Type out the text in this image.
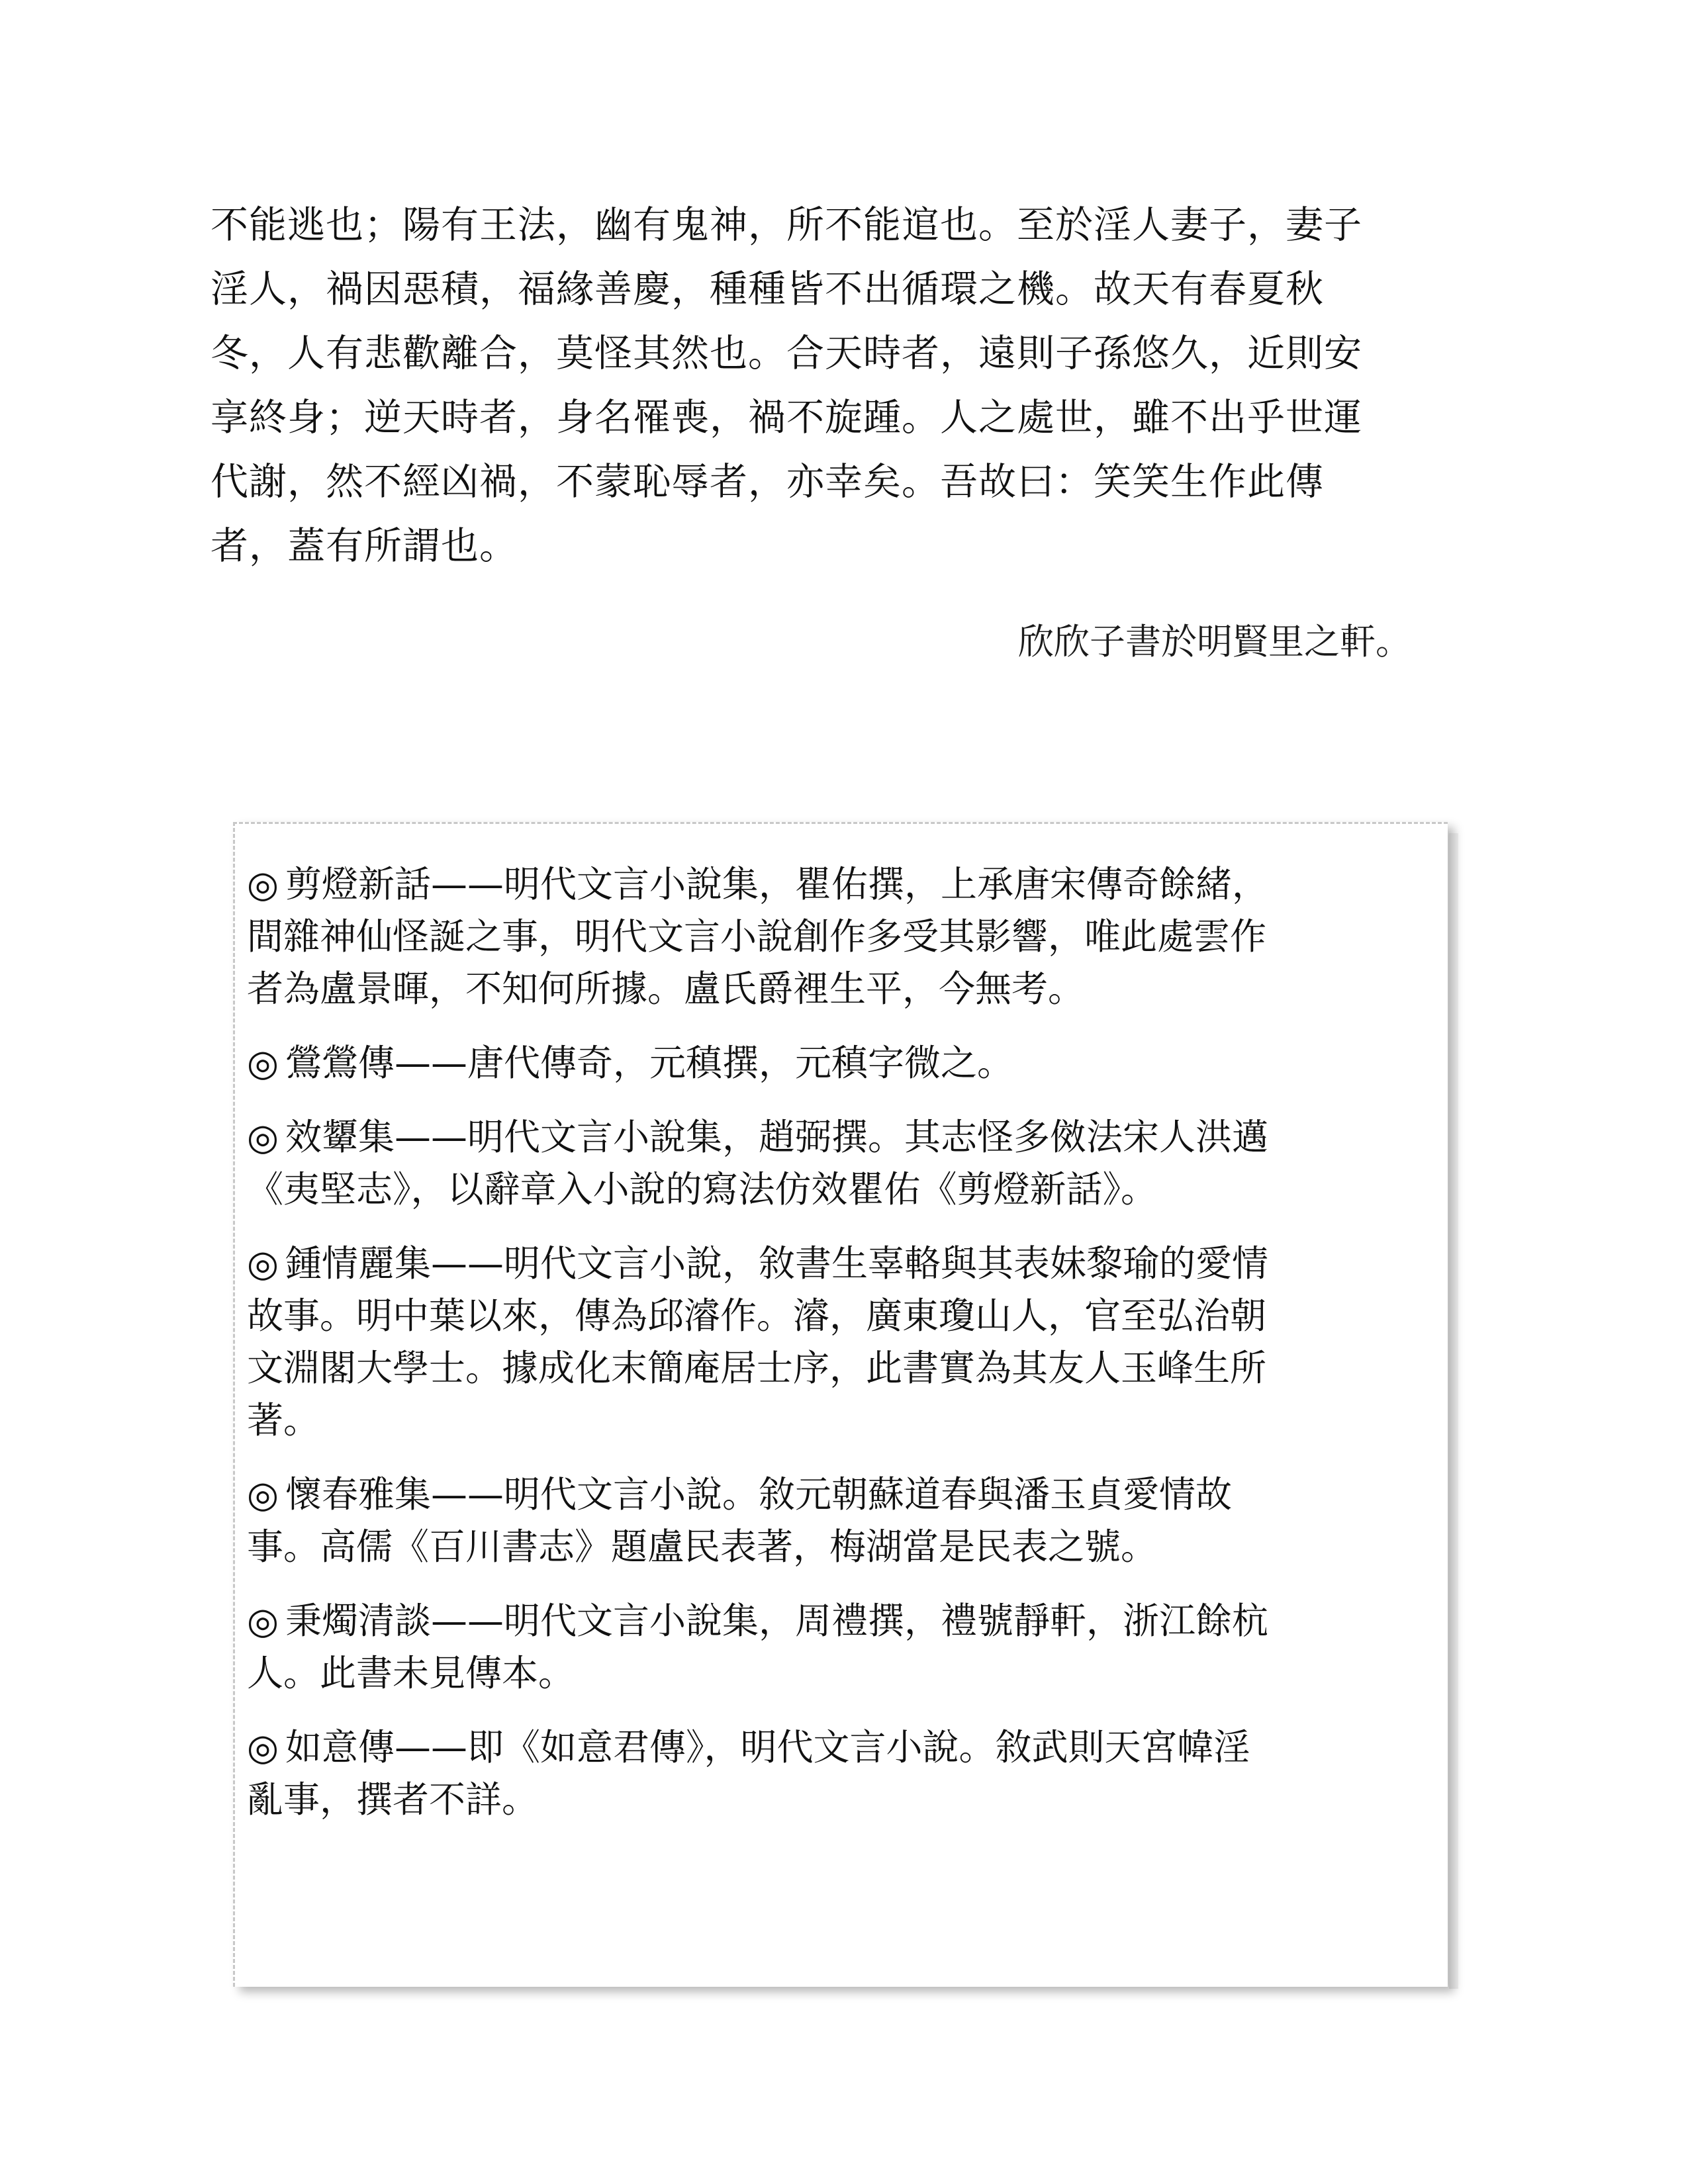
不能逃也；陽有王法，幽有鬼神，所不能逭也。至於淫人妻子，妻子
淫人，禍因惡積，福緣善慶，種種皆不出循環之機。故天有春夏秋
冬，人有悲歡離合，莫怪其然也。合天時者，遠則子孫悠久，近則安
享終身；逆天時者，身名罹喪，禍不旋踵。人之處世，雖不出乎世運
代謝，然不經凶禍，不蒙恥辱者，亦幸矣。吾故曰：笑笑生作此傳
者，蓋有所謂也。

欣欣子書於明賢里之軒。

◎ 剪燈新話——明代文言小說集，瞿佑撰，上承唐宋傳奇餘緒，
間雜神仙怪誕之事，明代文言小說創作多受其影響，唯此處雲作
者為盧景暉，不知何所據。盧氏爵裡生平，今無考。
◎ 鶯鶯傳——唐代傳奇，元稹撰，元稹字微之。
◎ 效顰集——明代文言小說集，趙弼撰。其志怪多傚法宋人洪邁
《夷堅志》，以辭章入小說的寫法仿效瞿佑《剪燈新話》。
◎ 鍾情麗集——明代文言小說，敘書生辜輅與其表妹黎瑜的愛情
故事。明中葉以來，傳為邱濬作。濬，廣東瓊山人，官至弘治朝
文淵閣大學士。據成化末簡庵居士序，此書實為其友人玉峰生所
著。
◎ 懷春雅集——明代文言小說。敘元朝蘇道春與潘玉貞愛情故
事。高儒《百川書志》題盧民表著，梅湖當是民表之號。
◎ 秉燭清談——明代文言小說集，周禮撰，禮號靜軒，浙江餘杭
人。此書未見傳本。
◎ 如意傳——即《如意君傳》，明代文言小說。敘武則天宮幃淫
亂事，撰者不詳。
